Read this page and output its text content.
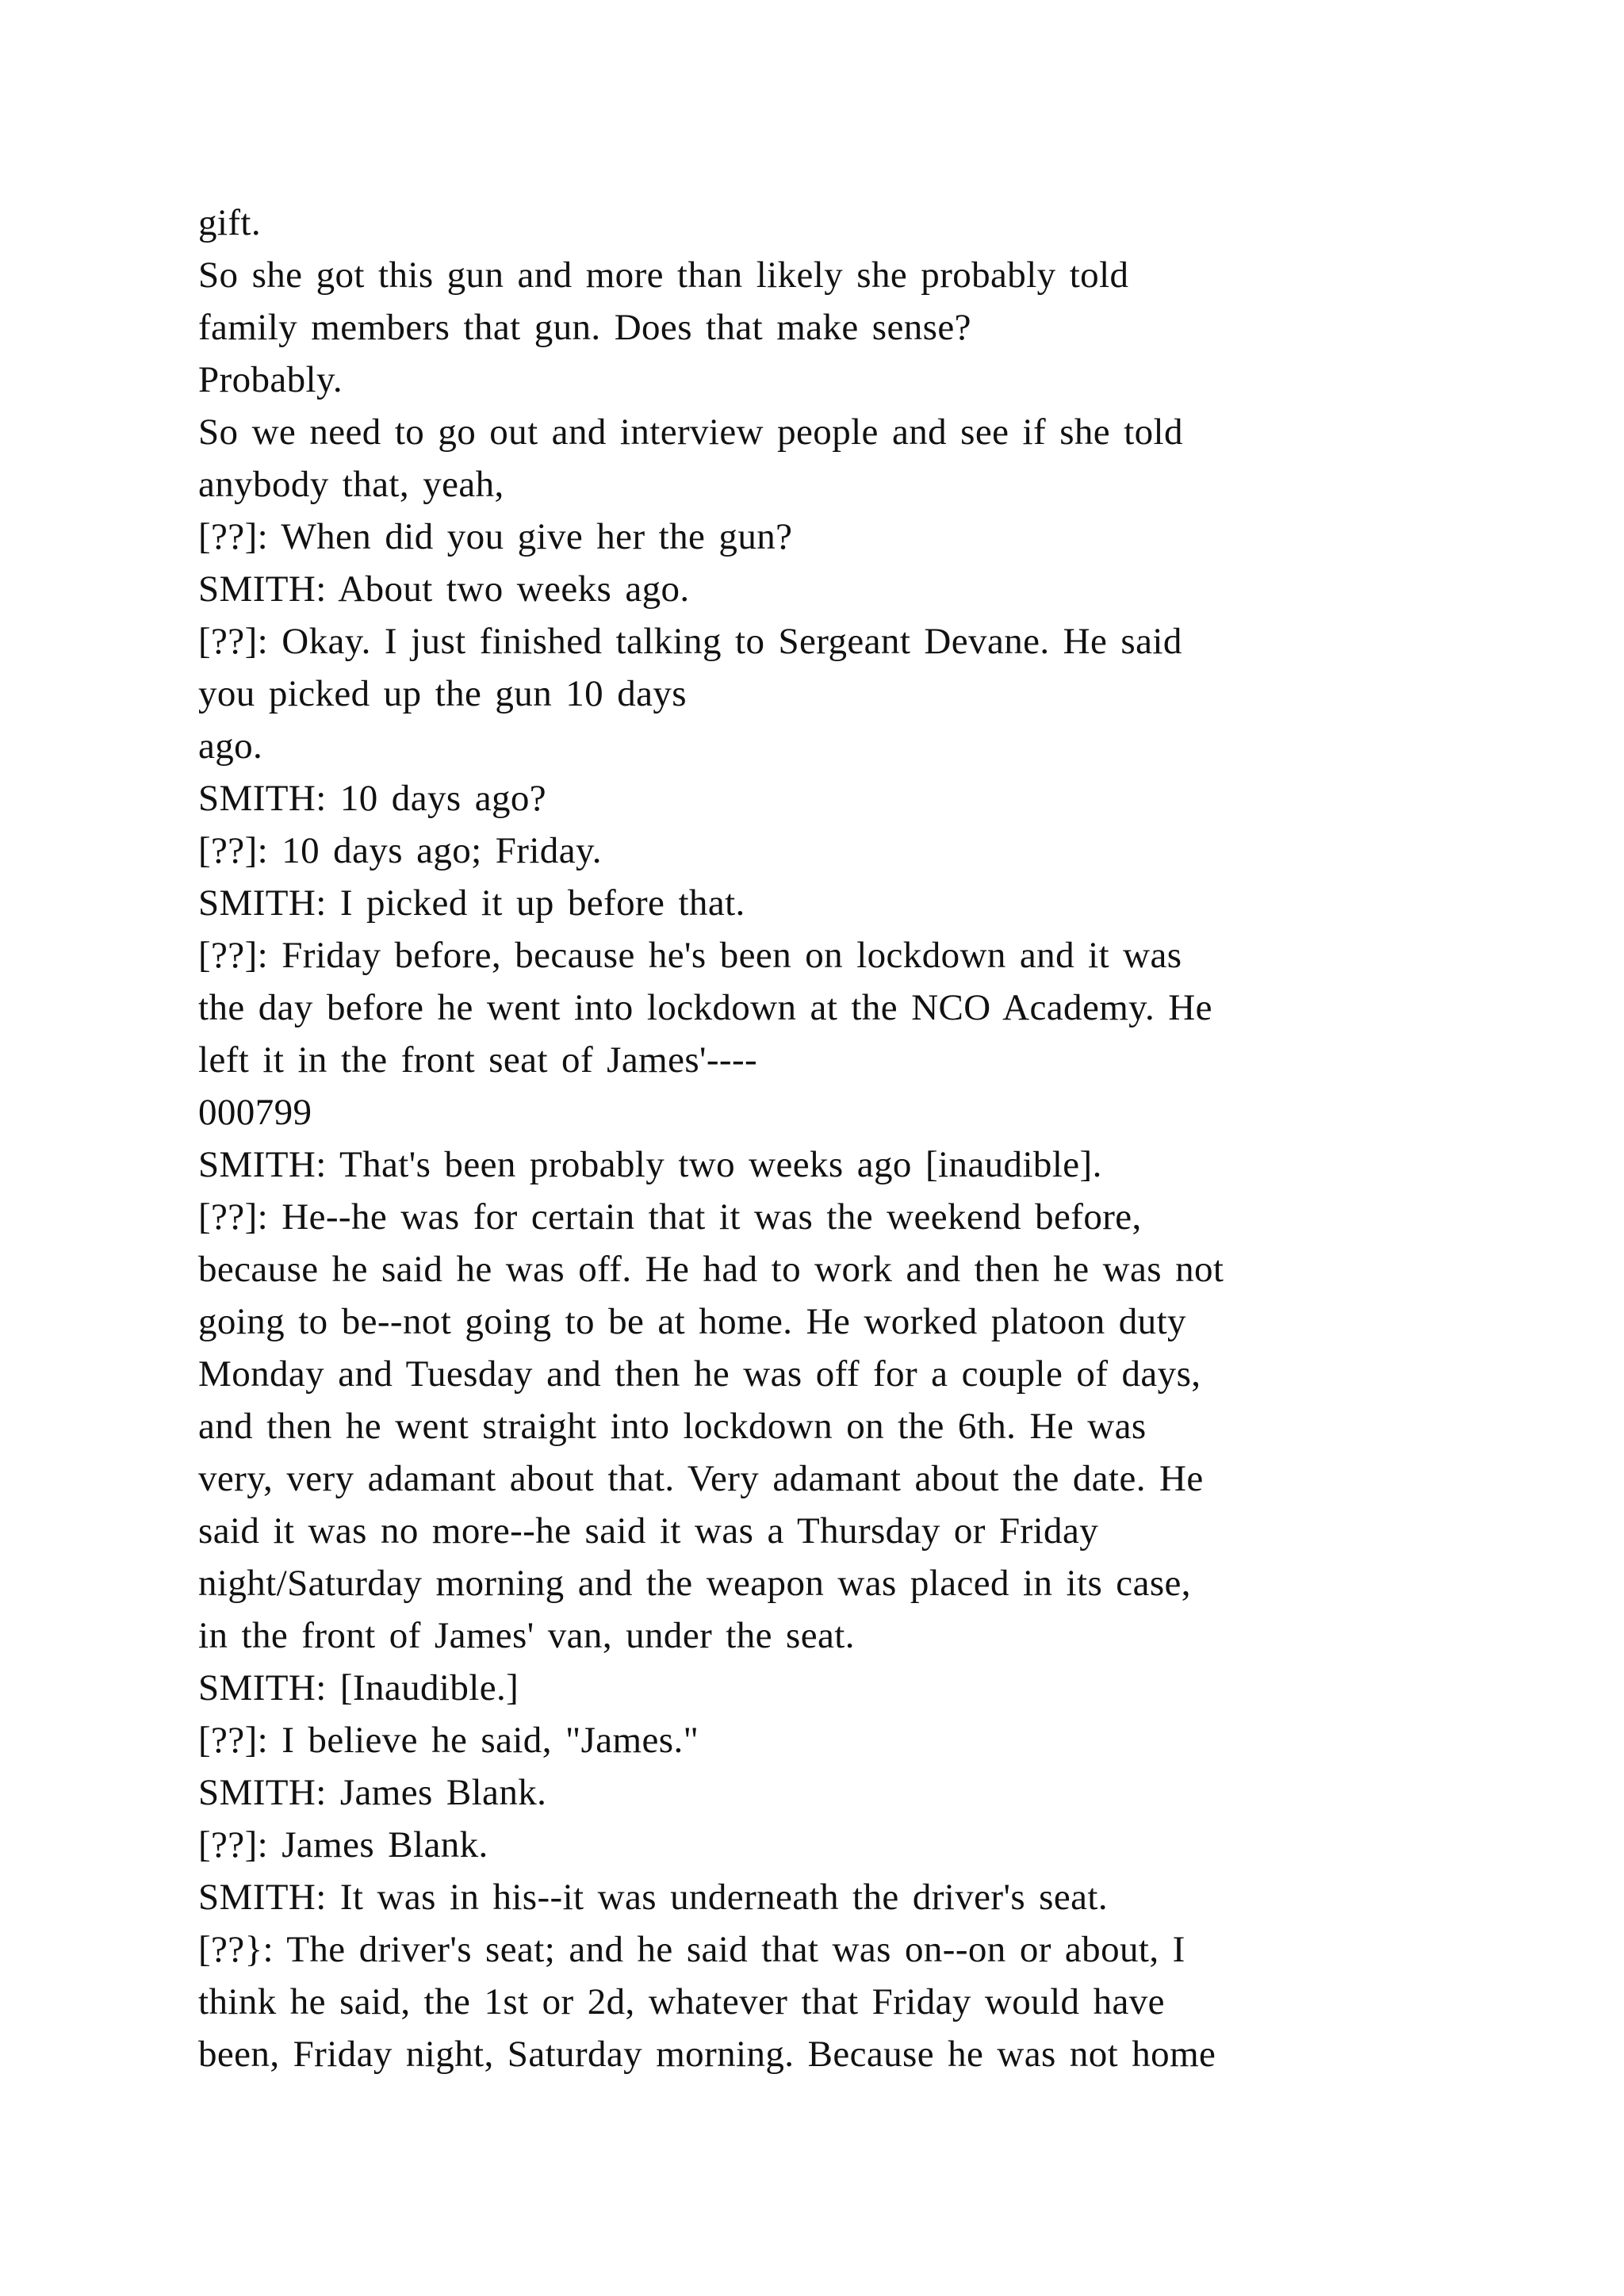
gift.
So she got this gun and more than likely she probably told
family members that gun. Does that make sense?
Probably.
So we need to go out and interview people and see if she told
anybody that, yeah,
[??]: When did you give her the gun?
SMITH: About two weeks ago.
[??]: Okay. I just finished talking to Sergeant Devane. He said
you picked up the gun 10 days
ago.
SMITH: 10 days ago?
[??]: 10 days ago; Friday.
SMITH: I picked it up before that.
[??]: Friday before, because he's been on lockdown and it was
the day before he went into lockdown at the NCO Academy. He
left it in the front seat of James'----
000799
SMITH: That's been probably two weeks ago [inaudible].
[??]: He--he was for certain that it was the weekend before,
because he said he was off. He had to work and then he was not
going to be--not going to be at home. He worked platoon duty
Monday and Tuesday and then he was off for a couple of days,
and then he went straight into lockdown on the 6th. He was
very, very adamant about that. Very adamant about the date. He
said it was no more--he said it was a Thursday or Friday
night/Saturday morning and the weapon was placed in its case,
in the front of James' van, under the seat.
SMITH: [Inaudible.]
[??]: I believe he said, "James."
SMITH: James Blank.
[??]: James Blank.
SMITH: It was in his--it was underneath the driver's seat.
[??}: The driver's seat; and he said that was on--on or about, I
think he said, the 1st or 2d, whatever that Friday would have
been, Friday night, Saturday morning. Because he was not home
